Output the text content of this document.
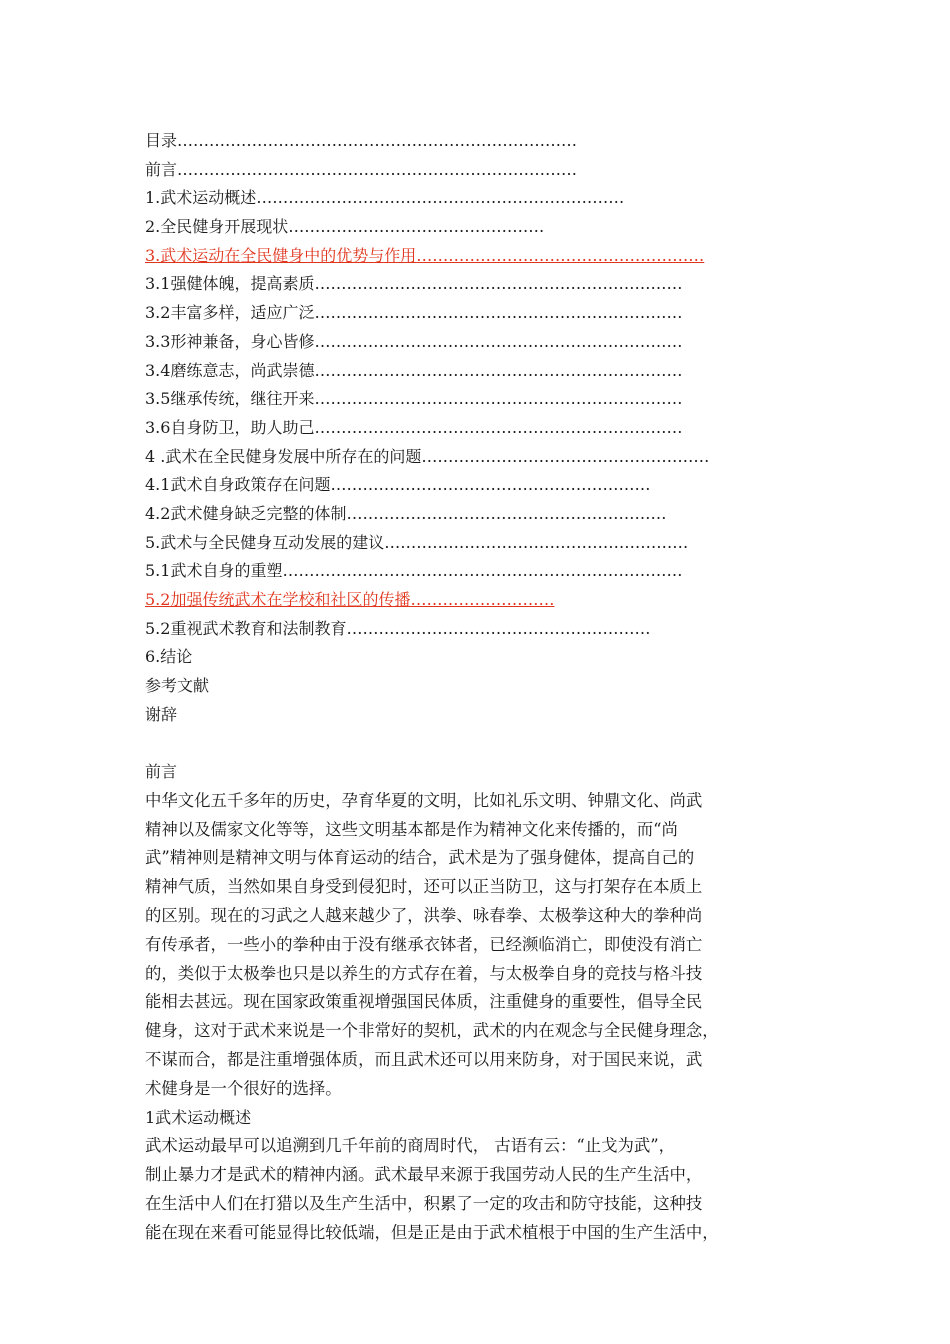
目录…………………………………………………………………
前言…………………………………………………………………
1.武术运动概述……………………………………………………………
2.全民健身开展现状…………………………………………
3.武术运动在全民健身中的优势与作用………………………………………………
3.1强健体魄，提高素质……………………………………………………………
3.2丰富多样，适应广泛……………………………………………………………
3.3形神兼备，身心皆修……………………………………………………………
3.4磨练意志，尚武崇德……………………………………………………………
3.5继承传统，继往开来……………………………………………………………
3.6自身防卫，助人助己……………………………………………………………
4 .武术在全民健身发展中所存在的问题………………………………………………
4.1武术自身政策存在问题……………………………………………………
4.2武术健身缺乏完整的体制……………………………………………………
5.武术与全民健身互动发展的建议…………………………………………………
5.1武术自身的重塑…………………………………………………………………
5.2加强传统武术在学校和社区的传播………………………
5.2重视武术教育和法制教育…………………………………………………
6.结论
参考文献
谢辞

前言

中华文化五千多年的历史，孕育华夏的文明，比如礼乐文明、钟鼎文化、尚武
精神以及儒家文化等等，这些文明基本都是作为精神文化来传播的，而“尚
武”精神则是精神文明与体育运动的结合，武术是为了强身健体，提高自己的
精神气质，当然如果自身受到侵犯时，还可以正当防卫，这与打架存在本质上
的区别。现在的习武之人越来越少了，洪拳、咏春拳、太极拳这种大的拳种尚
有传承者，一些小的拳种由于没有继承衣钵者，已经濒临消亡，即使没有消亡
的，类似于太极拳也只是以养生的方式存在着，与太极拳自身的竞技与格斗技
能相去甚远。现在国家政策重视增强国民体质，注重健身的重要性，倡导全民
健身，这对于武术来说是一个非常好的契机，武术的内在观念与全民健身理念，
不谋而合，都是注重增强体质，而且武术还可以用来防身，对于国民来说，武
术健身是一个很好的选择。

1武术运动概述

武术运动最早可以追溯到几千年前的商周时代， 古语有云：“止戈为武”，
制止暴力才是武术的精神内涵。武术最早来源于我国劳动人民的生产生活中，
在生活中人们在打猎以及生产生活中，积累了一定的攻击和防守技能，这种技
能在现在来看可能显得比较低端，但是正是由于武术植根于中国的生产生活中，
